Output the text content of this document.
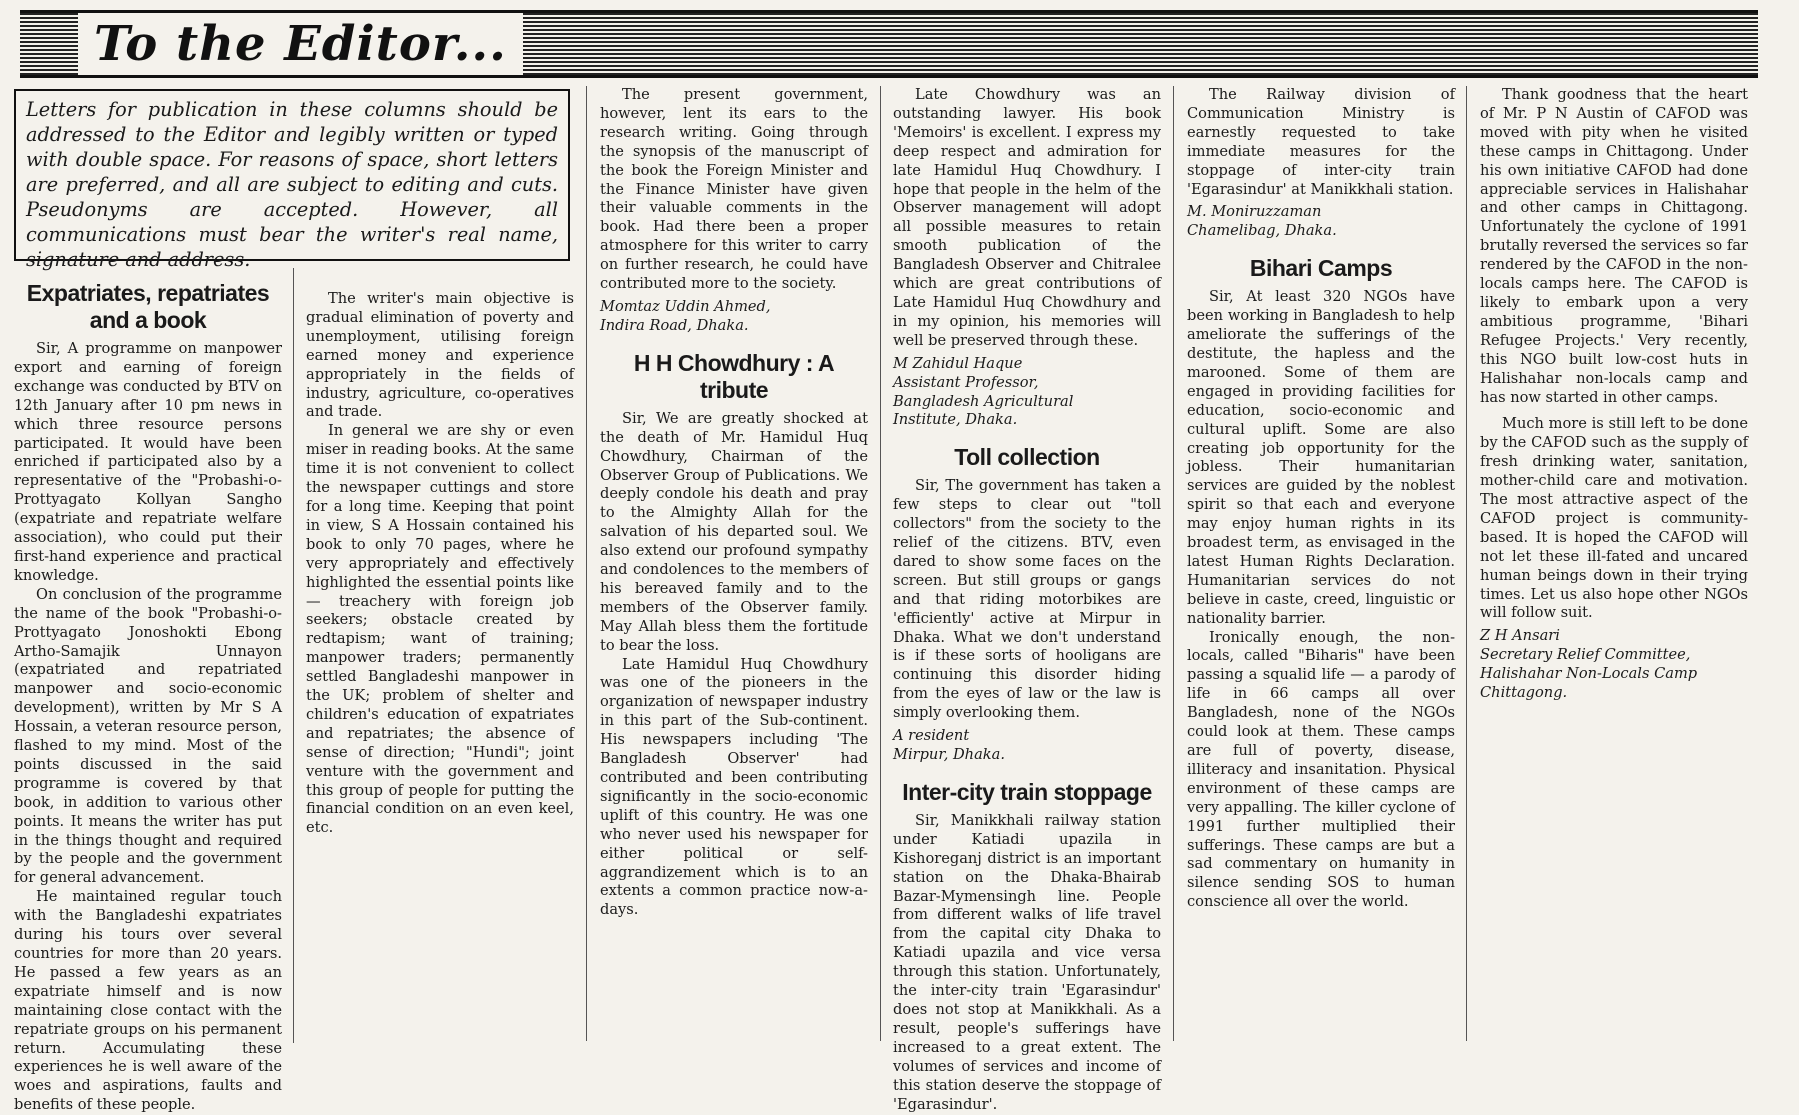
To the Editor...
Letters for publication in these columns should be addressed to the Editor and legibly written or typed with double space. For reasons of space, short letters are preferred, and all are subject to editing and cuts. Pseudonyms are accepted. However, all communications must bear the writer's real name, signature and address.
Expatriates, repatriates and a book

Sir, A programme on manpower export and earning of foreign exchange was conducted by BTV on 12th January after 10 pm news in which three resource persons participated. It would have been enriched if participated also by a representative of the "Probashi-o- Prottyagato Kollyan Sangho (expatriate and repatriate welfare association), who could put their first-hand experience and practical knowledge.

On conclusion of the programme the name of the book "Probashi-o- Prottyagato Jonoshokti Ebong Artho-Samajik Unnayon (expatriated and repatriated manpower and socio-economic development), written by Mr S A Hossain, a veteran resource person, flashed to my mind. Most of the points discussed in the said programme is covered by that book, in addition to various other points. It means the writer has put in the things thought and required by the people and the government for general advancement.

He maintained regular touch with the Bangladeshi expatriates during his tours over several countries for more than 20 years. He passed a few years as an expatriate himself and is now maintaining close contact with the repatriate groups on his permanent return. Accumulating these experiences he is well aware of the woes and aspirations, faults and benefits of these people.

The writer's main objective is gradual elimination of poverty and unemployment, utilising foreign earned money and experience appropriately in the fields of industry, agriculture, co-operatives and trade.

In general we are shy or even miser in reading books. At the same time it is not convenient to collect the newspaper cuttings and store for a long time. Keeping that point in view, S A Hossain contained his book to only 70 pages, where he very appropriately and effectively highlighted the essential points like — treachery with foreign job seekers; obstacle created by redtapism; want of training; manpower traders; permanently settled Bangladeshi manpower in the UK; problem of shelter and children's education of expatriates and repatriates; the absence of sense of direction; "Hundi"; joint venture with the government and this group of people for putting the financial condition on an even keel, etc.

The present government, however, lent its ears to the research writing. Going through the synopsis of the manuscript of the book the Foreign Minister and the Finance Minister have given their valuable comments in the book. Had there been a proper atmosphere for this writer to carry on further research, he could have contributed more to the society.

Momtaz Uddin Ahmed,
Indira Road, Dhaka.
H H Chowdhury : A tribute

Sir, We are greatly shocked at the death of Mr. Hamidul Huq Chowdhury, Chairman of the Observer Group of Publications. We deeply condole his death and pray to the Almighty Allah for the salvation of his departed soul. We also extend our profound sympathy and condolences to the members of his bereaved family and to the members of the Observer family. May Allah bless them the fortitude to bear the loss.

Late Hamidul Huq Chowdhury was one of the pioneers in the organization of newspaper industry in this part of the Sub-continent. His newspapers including 'The Bangladesh Observer' had contributed and been contributing significantly in the socio-economic uplift of this country. He was one who never used his newspaper for either political or self-aggrandizement which is to an extents a common practice now-a-days.

Late Chowdhury was an outstanding lawyer. His book 'Memoirs' is excellent. I express my deep respect and admiration for late Hamidul Huq Chowdhury. I hope that people in the helm of the Observer management will adopt all possible measures to retain smooth publication of the Bangladesh Observer and Chitralee which are great contributions of Late Hamidul Huq Chowdhury and in my opinion, his memories will well be preserved through these.

M Zahidul Haque
Assistant Professor,
Bangladesh Agricultural
Institute, Dhaka.
Toll collection

Sir, The government has taken a few steps to clear out "toll collectors" from the society to the relief of the citizens. BTV, even dared to show some faces on the screen. But still groups or gangs and that riding motorbikes are 'efficiently' active at Mirpur in Dhaka. What we don't understand is if these sorts of hooligans are continuing this disorder hiding from the eyes of law or the law is simply overlooking them.

A resident
Mirpur, Dhaka.
Inter-city train stoppage

Sir, Manikkhali railway station under Katiadi upazila in Kishoreganj district is an important station on the Dhaka-Bhairab Bazar-Mymensingh line. People from different walks of life travel from the capital city Dhaka to Katiadi upazila and vice versa through this station. Unfortunately, the inter-city train 'Egarasindur' does not stop at Manikkhali. As a result, people's sufferings have increased to a great extent. The volumes of services and income of this station deserve the stoppage of 'Egarasindur'.

The Railway division of Communication Ministry is earnestly requested to take immediate measures for the stoppage of inter-city train 'Egarasindur' at Manikkhali station.

M. Moniruzzaman
Chamelibag, Dhaka.
Bihari Camps

Sir, At least 320 NGOs have been working in Bangladesh to help ameliorate the sufferings of the destitute, the hapless and the marooned. Some of them are engaged in providing facilities for education, socio-economic and cultural uplift. Some are also creating job opportunity for the jobless. Their humanitarian services are guided by the noblest spirit so that each and everyone may enjoy human rights in its broadest term, as envisaged in the latest Human Rights Declaration. Humanitarian services do not believe in caste, creed, linguistic or nationality barrier.

Ironically enough, the non-locals, called "Biharis" have been passing a squalid life — a parody of life in 66 camps all over Bangladesh, none of the NGOs could look at them. These camps are full of poverty, disease, illiteracy and insanitation. Physical environment of these camps are very appalling. The killer cyclone of 1991 further multiplied their sufferings. These camps are but a sad commentary on humanity in silence sending SOS to human conscience all over the world.

Thank goodness that the heart of Mr. P N Austin of CAFOD was moved with pity when he visited these camps in Chittagong. Under his own initiative CAFOD had done appreciable services in Halishahar and other camps in Chittagong. Unfortunately the cyclone of 1991 brutally reversed the services so far rendered by the CAFOD in the non-locals camps here. The CAFOD is likely to embark upon a very ambitious programme, 'Bihari Refugee Projects.' Very recently, this NGO built low-cost huts in Halishahar non-locals camp and has now started in other camps.

Much more is still left to be done by the CAFOD such as the supply of fresh drinking water, sanitation, mother-child care and motivation. The most attractive aspect of the CAFOD project is community-based. It is hoped the CAFOD will not let these ill-fated and uncared human beings down in their trying times. Let us also hope other NGOs will follow suit.

Z H Ansari
Secretary Relief Committee,
Halishahar Non-Locals Camp
Chittagong.
